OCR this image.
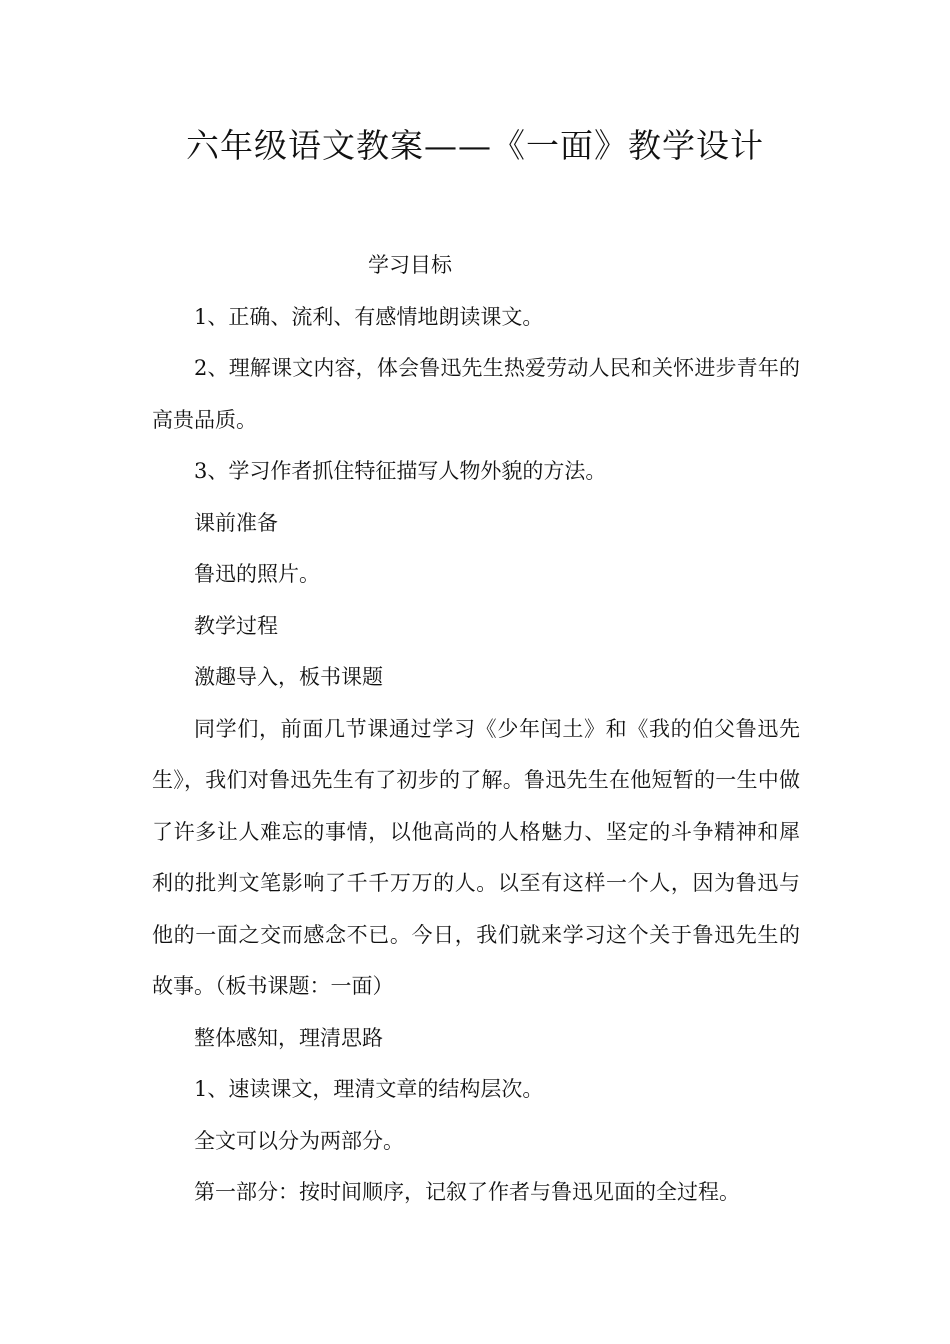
六年级语文教案——《一面》教学设计

学习目标

1、正确、流利、有感情地朗读课文。

2、理解课文内容，体会鲁迅先生热爱劳动人民和关怀进步青年的高贵品质。

3、学习作者抓住特征描写人物外貌的方法。

课前准备

鲁迅的照片。

教学过程

激趣导入，板书课题

同学们，前面几节课通过学习《少年闰土》和《我的伯父鲁迅先生》，我们对鲁迅先生有了初步的了解。鲁迅先生在他短暂的一生中做了许多让人难忘的事情，以他高尚的人格魅力、坚定的斗争精神和犀利的批判文笔影响了千千万万的人。以至有这样一个人，因为鲁迅与他的一面之交而感念不已。今日，我们就来学习这个关于鲁迅先生的故事。（板书课题：一面）

整体感知，理清思路

1、速读课文，理清文章的结构层次。

全文可以分为两部分。

第一部分：按时间顺序，记叙了作者与鲁迅见面的全过程。
